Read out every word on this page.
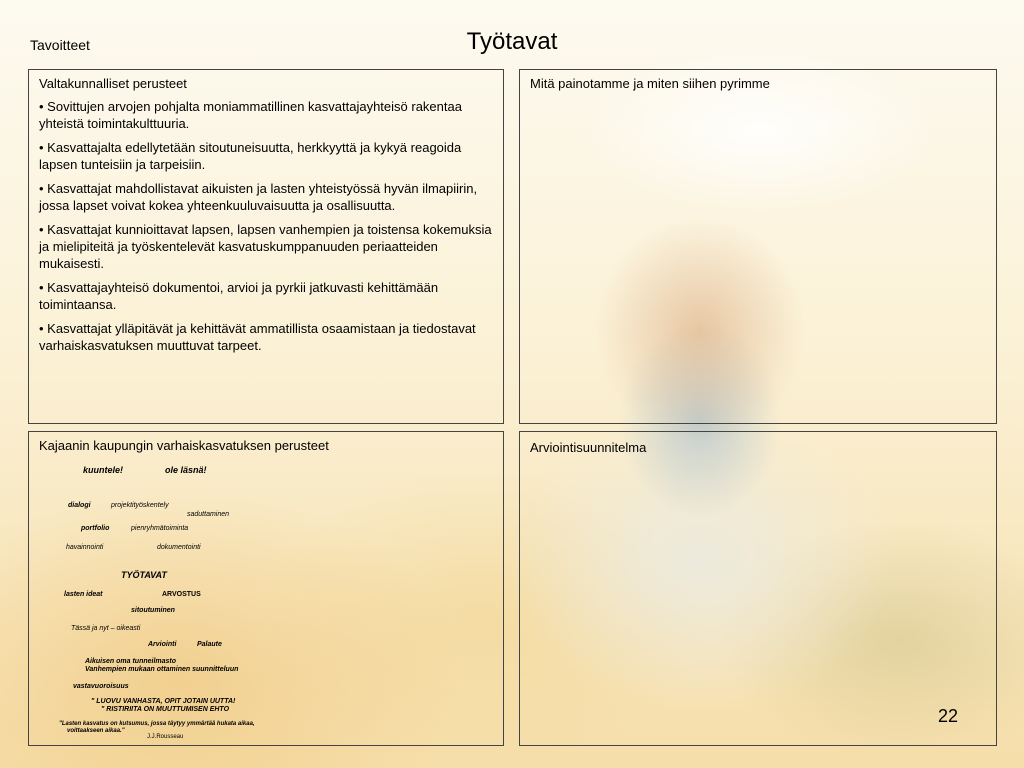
Työtavat

Tavoitteet

Valtakunnalliset perusteet

• Sovittujen arvojen pohjalta moniammatillinen kasvattajayhteisö rakentaa yhteistä toimintakulttuuria.

• Kasvattajalta edellytetään sitoutuneisuutta, herkkyyttä ja kykyä reagoida lapsen tunteisiin ja tarpeisiin.

• Kasvattajat mahdollistavat aikuisten ja lasten yhteistyössä hyvän ilmapiirin, jossa lapset voivat kokea yhteenkuuluvaisuutta ja osallisuutta.

• Kasvattajat kunnioittavat lapsen, lapsen vanhempien ja toistensa kokemuksia ja mielipiteitä ja työskentelevät kasvatuskumppanuuden periaatteiden mukaisesti.

• Kasvattajayhteisö dokumentoi, arvioi ja pyrkii jatkuvasti kehittämään toimintaansa.

• Kasvattajat ylläpitävät ja kehittävät ammatillista osaamistaan ja tiedostavat varhaiskasvatuksen muuttuvat tarpeet.

Mitä painotamme ja miten siihen pyrimme

Kajaanin kaupungin varhaiskasvatuksen perusteet

kuuntele!	ole läsnä!
dialogi	projektityöskentely
saduttaminen
portfolio	pienryhmätoiminta
havainnointi	dokumentointi
TYÖTAVAT
lasten ideat	ARVOSTUS
sitoutuminen
Tässä ja nyt – oikeasti
Arviointi	Palaute
Aikuisen oma tunneilmasto
Vanhempien mukaan ottaminen suunnitteluun
vastavuoroisuus
" LUOVU VANHASTA, OPIT JOTAIN UUTTA!
" RISTIRIITA ON MUUTTUMISEN EHTO
"Lasten kasvatus on kutsumus, jossa täytyy ymmärtää hukata aikaa,
voittaakseen aikaa."
J.J.Rousseau

Arviointisuunnitelma

22
